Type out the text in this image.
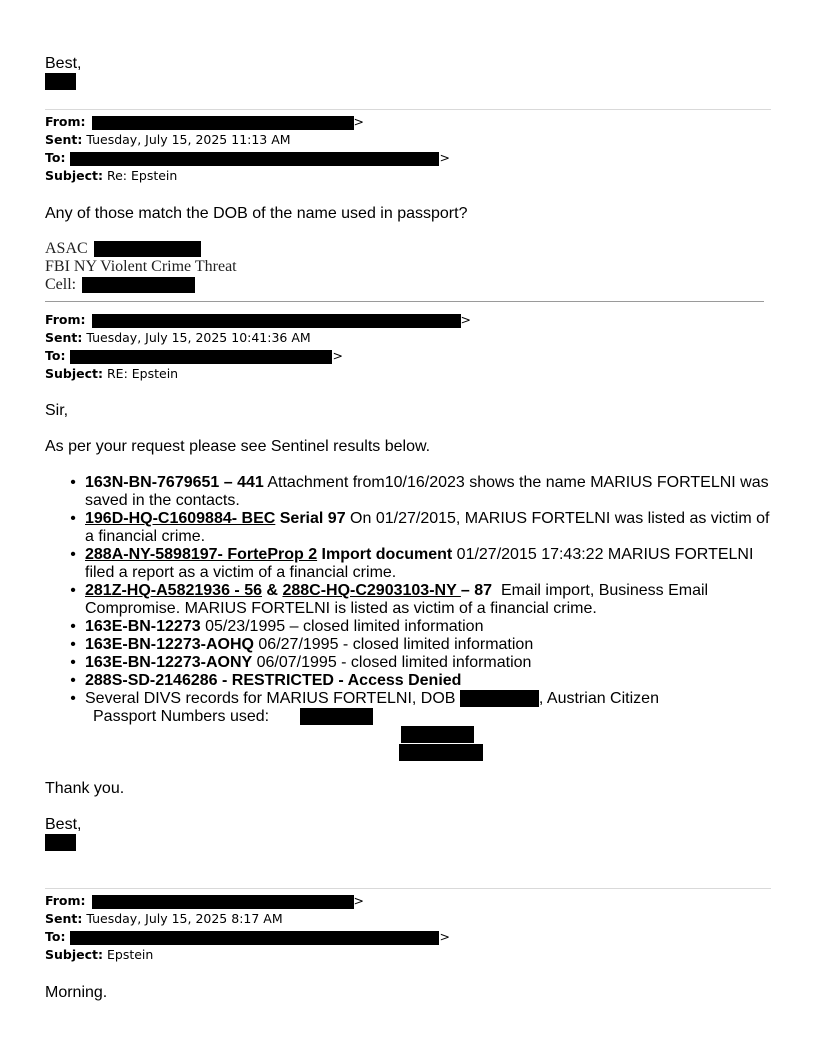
Best,
From:	>
Sent: Tuesday, July 15, 2025 11:13 AM
To:	>
Subject: Re: Epstein
Any of those match the DOB of the name used in passport?
ASAC
FBI NY Violent Crime Threat
Cell:
From:	>
Sent: Tuesday, July 15, 2025 10:41:36 AM
To:	>
Subject: RE: Epstein
Sir,
As per your request please see Sentinel results below.
• 163N-BN-7679651 – 441 Attachment from10/16/2023 shows the name MARIUS FORTELNI was
saved in the contacts.
• 196D-HQ-C1609884- BEC Serial 97 On 01/27/2015, MARIUS FORTELNI was listed as victim of
a financial crime.
• 288A-NY-5898197- ForteProp 2 Import document 01/27/2015 17:43:22 MARIUS FORTELNI
filed a report as a victim of a financial crime.
• 281Z-HQ-A5821936 - 56 & 288C-HQ-C2903103-NY – 87  Email import, Business Email
Compromise. MARIUS FORTELNI is listed as victim of a financial crime.
• 163E-BN-12273 05/23/1995 – closed limited information
• 163E-BN-12273-AOHQ 06/27/1995 - closed limited information
• 163E-BN-12273-AONY 06/07/1995 - closed limited information
• 288S-SD-2146286 - RESTRICTED - Access Denied
• Several DIVS records for MARIUS FORTELNI, DOB	, Austrian Citizen
Passport Numbers used:
Thank you.
Best,
From:	>
Sent: Tuesday, July 15, 2025 8:17 AM
To:	>
Subject: Epstein
Morning.
